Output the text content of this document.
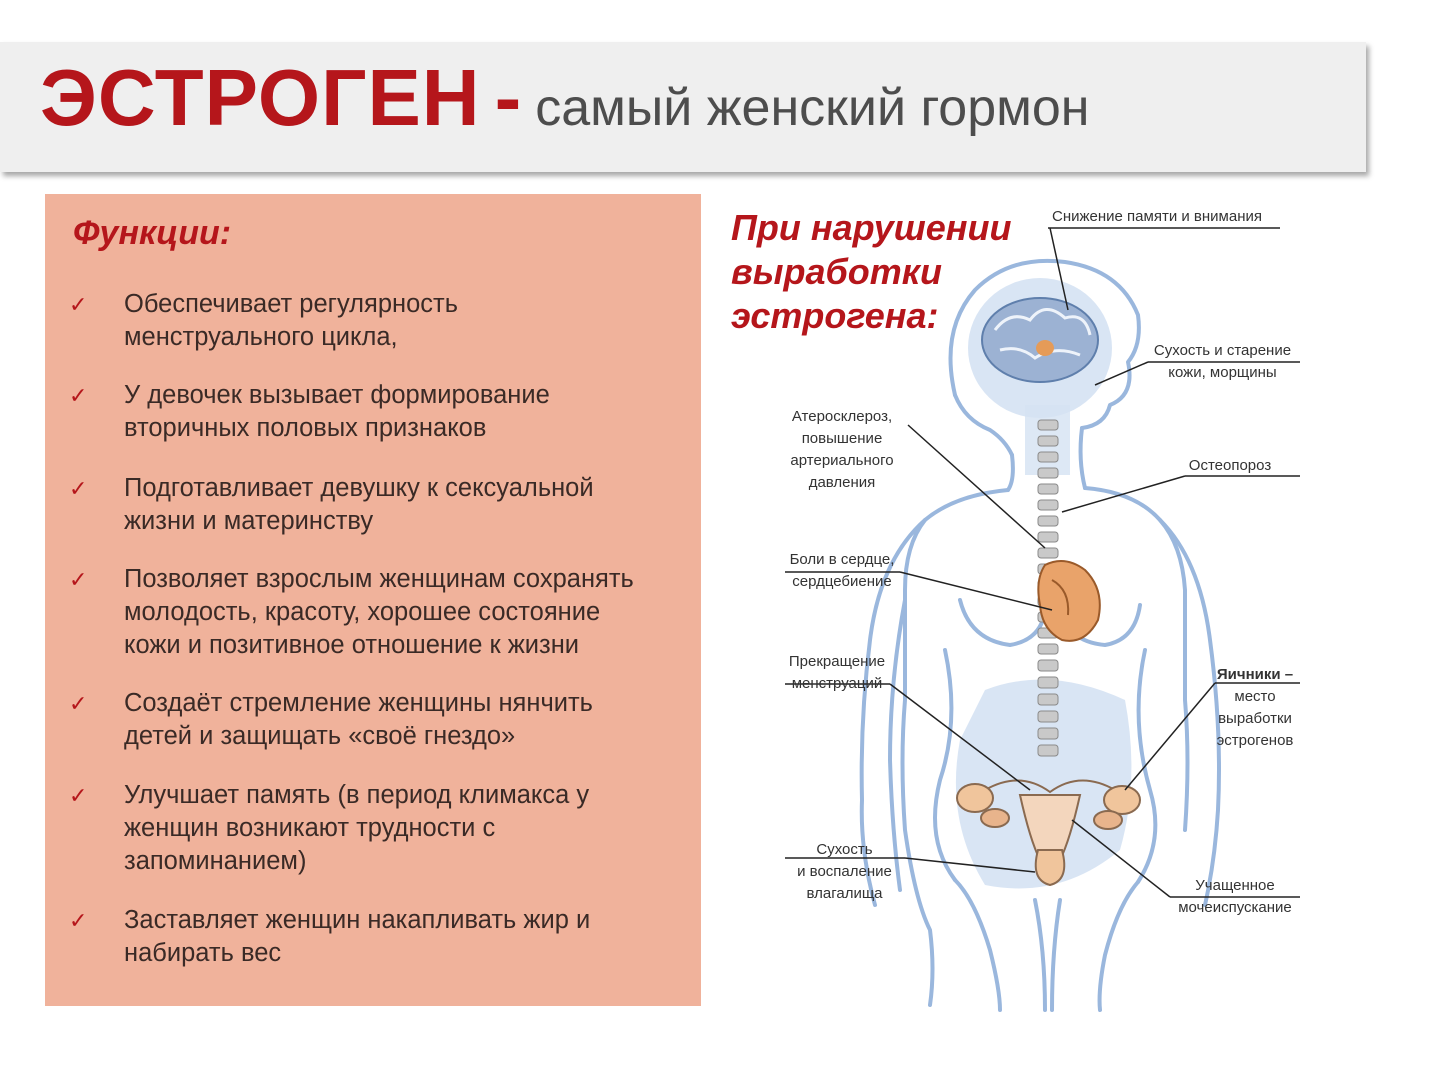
ЭСТРОГЕН - самый женский гормон
Функции:
✓ Обеспечивает регулярность
менструального цикла,
✓ У девочек вызывает формирование
вторичных половых признаков
✓ Подготавливает девушку к сексуальной
жизни и материнству
✓ Позволяет взрослым женщинам сохранять
молодость, красоту, хорошее состояние
кожи и позитивное отношение к жизни
✓ Создаёт стремление женщины нянчить
детей и защищать «своё гнездо»
✓ Улучшает память (в период климакса у
женщин возникают трудности с
запоминанием)
✓ Заставляет женщин накапливать жир и
набирать вес
При нарушении
выработки
эстрогена:
Снижение памяти и внимания
Сухость и старение
кожи, морщины
Атеросклероз,
повышение
артериального
давления
Остеопороз
Боли в сердце,
сердцебиение
Прекращение
менструаций
Яичники –
место
выработки
эстрогенов
Сухость
и воспаление
влагалища	Учащенное
мочеиспускание
